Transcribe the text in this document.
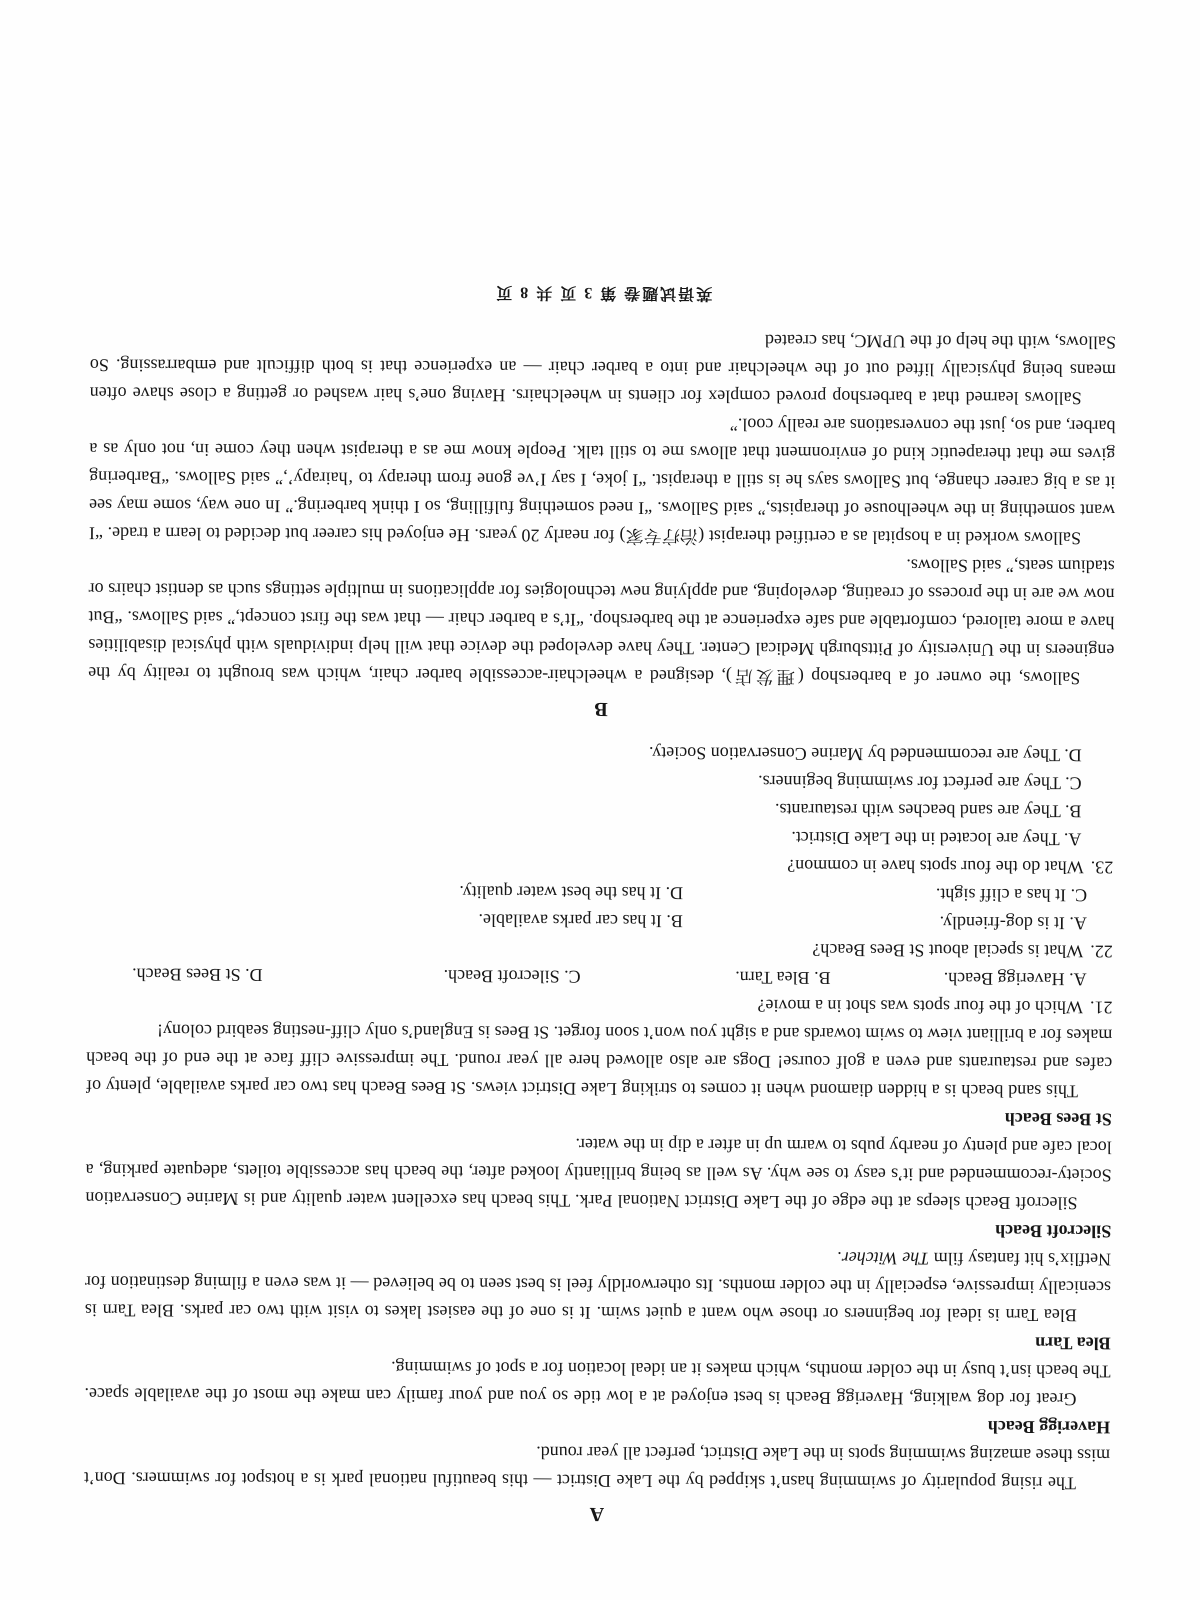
A

The rising popularity of swimming hasn’t skipped by the Lake District — this beautiful national park is a hotspot for swimmers. Don’t miss these amazing swimming spots in the Lake District, perfect all year round.

Haverigg Beach

Great for dog walking, Haverigg Beach is best enjoyed at a low tide so you and your family can make the most of the available space. The beach isn’t busy in the colder months, which makes it an ideal location for a spot of swimming.

Blea Tarn

Blea Tarn is ideal for beginners or those who want a quiet swim. It is one of the easiest lakes to visit with two car parks. Blea Tarn is scenically impressive, especially in the colder months. Its otherworldly feel is best seen to be believed — it was even a filming destination for Netflix’s hit fantasy film The Witcher.

Silecroft Beach

Silecroft Beach sleeps at the edge of the Lake District National Park. This beach has excellent water quality and is Marine Conservation Society-recommended and it’s easy to see why. As well as being brilliantly looked after, the beach has accessible toilets, adequate parking, a local cafe and plenty of nearby pubs to warm up in after a dip in the water.

St Bees Beach

This sand beach is a hidden diamond when it comes to striking Lake District views. St Bees Beach has two car parks available, plenty of cafes and restaurants and even a golf course! Dogs are also allowed here all year round. The impressive cliff face at the end of the beach makes for a brilliant view to swim towards and a sight you won’t soon forget. St Bees is England’s only cliff-nesting seabird colony!

21.Which of the four spots was shot in a movie?
A. Haverigg Beach.
B. Blea Tarn.
C. Silecroft Beach.
D. St Bees Beach.
22.What is special about St Bees Beach?
A. It is dog-friendly.
B. It has car parks available.
C. It has a cliff sight.
D. It has the best water quality.
23.What do the four spots have in common?
A. They are located in the Lake District.
B. They are sand beaches with restaurants.
C. They are perfect for swimming beginners.
D. They are recommended by Marine Conservation Society.
B

Sallows, the owner of a barbershop (理发店), designed a wheelchair-accessible barber chair, which was brought to reality by the engineers in the University of Pittsburgh Medical Center. They have developed the device that will help individuals with physical disabilities have a more tailored, comfortable and safe experience at the barbershop. “It’s a barber chair — that was the first concept,” said Sallows. “But now we are in the process of creating, developing, and applying new technologies for applications in multiple settings such as dentist chairs or stadium seats,” said Sallows.

Sallows worked in a hospital as a certified therapist (治疗专家) for nearly 20 years. He enjoyed his career but decided to learn a trade. “I want something in the wheelhouse of therapists,” said Sallows. “I need something fulfilling, so I think barbering.” In one way, some may see it as a big career change, but Sallows says he is still a therapist. “I joke, I say I’ve gone from therapy to ‘hairapy’,” said Sallows. “Barbering gives me that therapeutic kind of environment that allows me to still talk. People know me as a therapist when they come in, not only as a barber, and so, just the conversations are really cool.”

Sallows learned that a barbershop proved complex for clients in wheelchairs. Having one’s hair washed or getting a close shave often means being physically lifted out of the wheelchair and into a barber chair — an experience that is both difficult and embarrassing. So Sallows, with the help of the UPMC, has created

英语试题卷 第 3 页 共 8 页
